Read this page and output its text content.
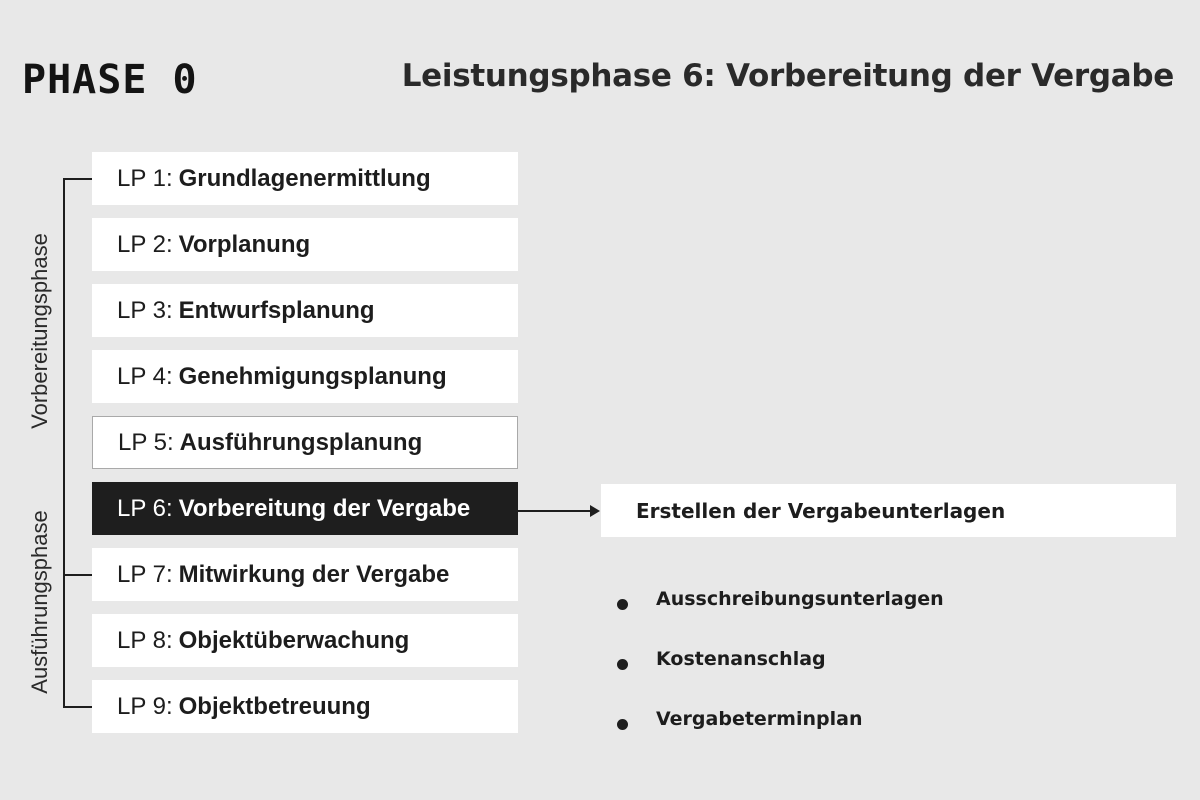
PHASE 0	Leistungsphase 6: Vorbereitung der Vergabe
Vorbereitungsphase
Ausführungsphase
LP 1: Grundlagenermittlung
LP 2: Vorplanung
LP 3: Entwurfsplanung
LP 4: Genehmigungsplanung
LP 5: Ausführungsplanung
LP 6: Vorbereitung der Vergabe
LP 7: Mitwirkung der Vergabe
LP 8: Objektüberwachung
LP 9: Objektbetreuung
Erstellen der Vergabeunterlagen
Ausschreibungsunterlagen
Kostenanschlag
Vergabeterminplan
